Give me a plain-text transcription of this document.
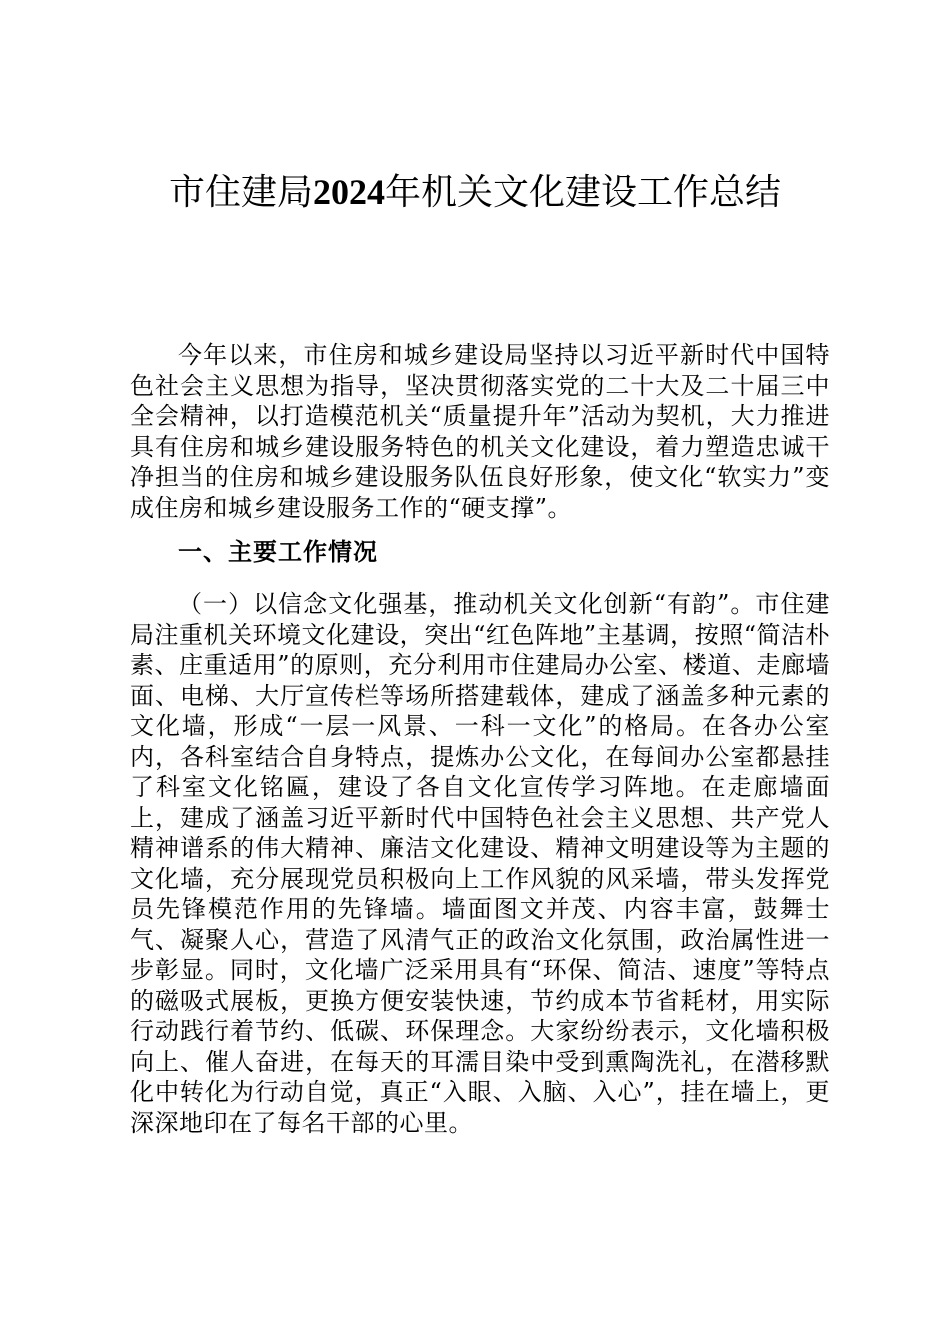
市住建局2024年机关文化建设工作总结

今年以来，市住房和城乡建设局坚持以习近平新时代中国特色社会主义思想为指导，坚决贯彻落实党的二十大及二十届三中全会精神，以打造模范机关“质量提升年”活动为契机，大力推进具有住房和城乡建设服务特色的机关文化建设，着力塑造忠诚干净担当的住房和城乡建设服务队伍良好形象，使文化“软实力”变成住房和城乡建设服务工作的“硬支撑”。

一、主要工作情况

（一）以信念文化强基，推动机关文化创新“有韵”。市住建局注重机关环境文化建设，突出“红色阵地”主基调，按照“简洁朴素、庄重适用”的原则，充分利用市住建局办公室、楼道、走廊墙面、电梯、大厅宣传栏等场所搭建载体，建成了涵盖多种元素的文化墙，形成“一层一风景、一科一文化”的格局。在各办公室内，各科室结合自身特点，提炼办公文化，在每间办公室都悬挂了科室文化铭匾，建设了各自文化宣传学习阵地。在走廊墙面上，建成了涵盖习近平新时代中国特色社会主义思想、共产党人精神谱系的伟大精神、廉洁文化建设、精神文明建设等为主题的文化墙，充分展现党员积极向上工作风貌的风采墙，带头发挥党员先锋模范作用的先锋墙。墙面图文并茂、内容丰富，鼓舞士气、凝聚人心，营造了风清气正的政治文化氛围，政治属性进一步彰显。同时，文化墙广泛采用具有“环保、简洁、速度”等特点的磁吸式展板，更换方便安装快速，节约成本节省耗材，用实际行动践行着节约、低碳、环保理念。大家纷纷表示，文化墙积极向上、催人奋进，在每天的耳濡目染中受到熏陶洗礼，在潜移默化中转化为行动自觉，真正“入眼、入脑、入心”，挂在墙上，更深深地印在了每名干部的心里。
